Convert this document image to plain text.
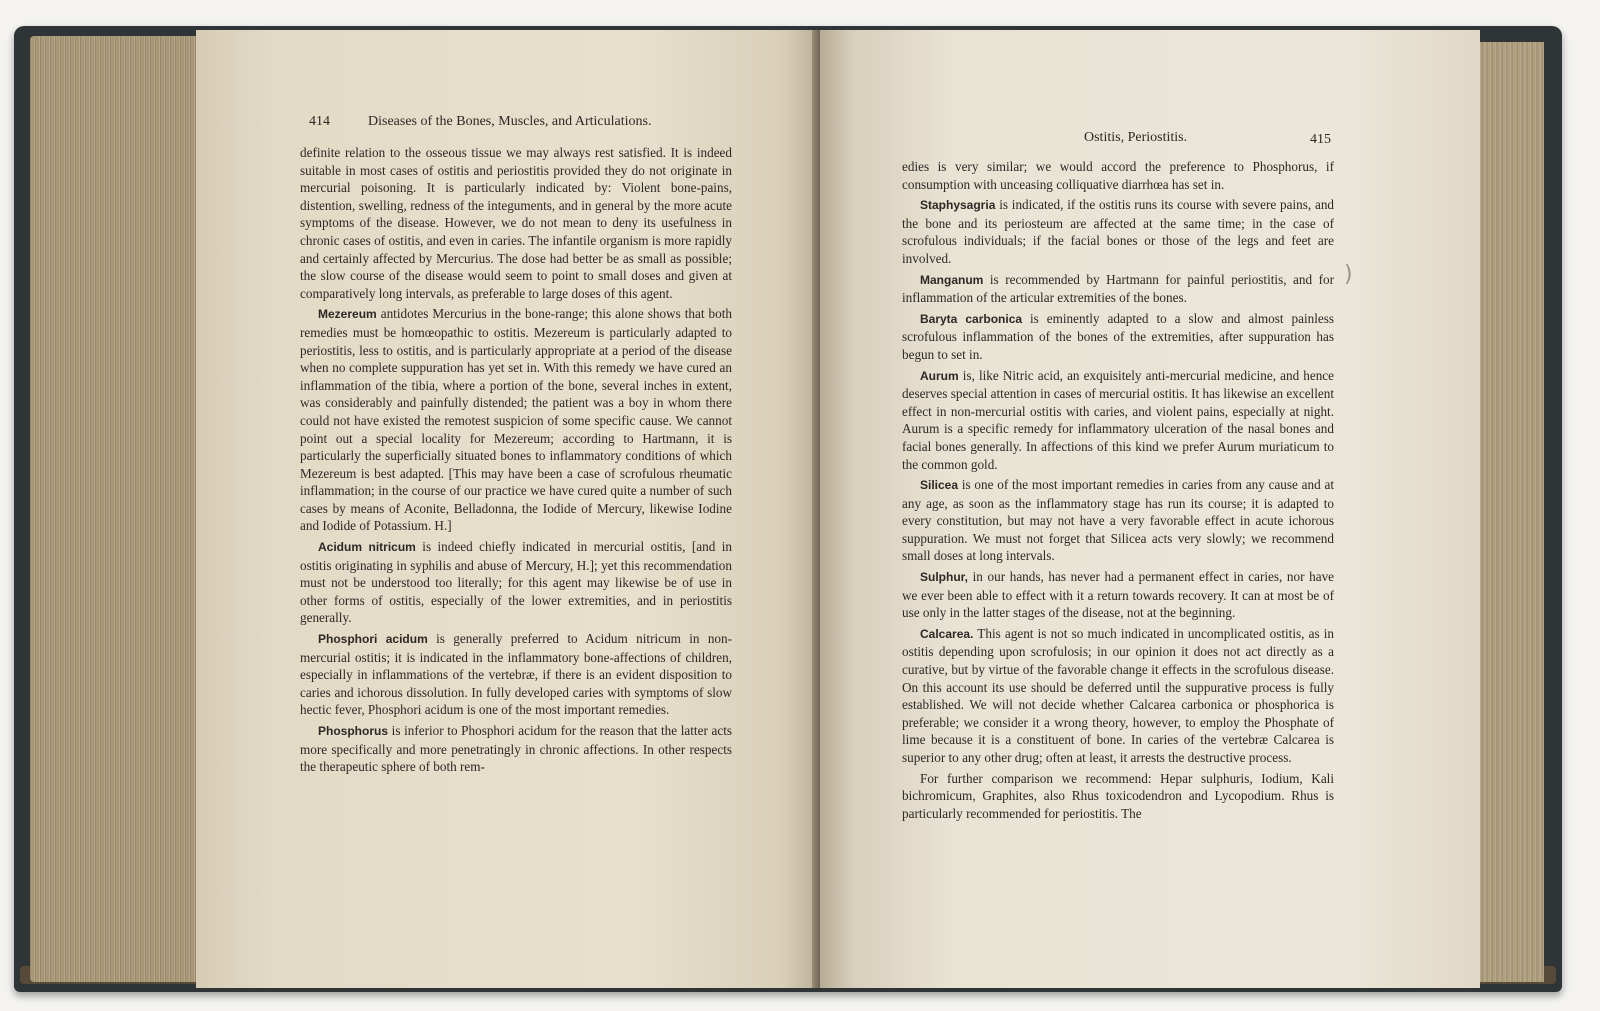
414	Diseases of the Bones, Muscles, and Articulations.

definite relation to the osseous tissue we may always rest satisfied. It is indeed suitable in most cases of ostitis and periostitis provided they do not originate in mercurial poisoning. It is particularly indicated by: Violent bone-pains, distention, swelling, redness of the integuments, and in general by the more acute symptoms of the disease. However, we do not mean to deny its usefulness in chronic cases of ostitis, and even in caries. The infantile organism is more rapidly and certainly affected by Mercurius. The dose had better be as small as possible; the slow course of the disease would seem to point to small doses and given at comparatively long intervals, as preferable to large doses of this agent.

Mezereum antidotes Mercurius in the bone-range; this alone shows that both remedies must be homœopathic to ostitis. Mezereum is particularly adapted to periostitis, less to ostitis, and is particularly appropriate at a period of the disease when no complete suppuration has yet set in. With this remedy we have cured an inflammation of the tibia, where a portion of the bone, several inches in extent, was considerably and painfully distended; the patient was a boy in whom there could not have existed the remotest suspicion of some specific cause. We cannot point out a special locality for Mezereum; according to Hartmann, it is particularly the superficially situated bones to inflammatory conditions of which Mezereum is best adapted. [This may have been a case of scrofulous rheumatic inflammation; in the course of our practice we have cured quite a number of such cases by means of Aconite, Belladonna, the Iodide of Mercury, likewise Iodine and Iodide of Potassium. H.]

Acidum nitricum is indeed chiefly indicated in mercurial ostitis, [and in ostitis originating in syphilis and abuse of Mercury, H.]; yet this recommendation must not be understood too literally; for this agent may likewise be of use in other forms of ostitis, especially of the lower extremities, and in periostitis generally.

Phosphori acidum is generally preferred to Acidum nitricum in non-mercurial ostitis; it is indicated in the inflammatory bone-affections of children, especially in inflammations of the vertebræ, if there is an evident disposition to caries and ichorous dissolution. In fully developed caries with symptoms of slow hectic fever, Phosphori acidum is one of the most important remedies.

Phosphorus is inferior to Phosphori acidum for the reason that the latter acts more specifically and more penetratingly in chronic affections. In other respects the therapeutic sphere of both rem-

Ostitis, Periostitis.	415

edies is very similar; we would accord the preference to Phosphorus, if consumption with unceasing colliquative diarrhœa has set in.

Staphysagria is indicated, if the ostitis runs its course with severe pains, and the bone and its periosteum are affected at the same time; in the case of scrofulous individuals; if the facial bones or those of the legs and feet are involved.

Manganum is recommended by Hartmann for painful periostitis, and for inflammation of the articular extremities of the bones.

Baryta carbonica is eminently adapted to a slow and almost painless scrofulous inflammation of the bones of the extremities, after suppuration has begun to set in.

Aurum is, like Nitric acid, an exquisitely anti-mercurial medicine, and hence deserves special attention in cases of mercurial ostitis. It has likewise an excellent effect in non-mercurial ostitis with caries, and violent pains, especially at night. Aurum is a specific remedy for inflammatory ulceration of the nasal bones and facial bones generally. In affections of this kind we prefer Aurum muriaticum to the common gold.

Silicea is one of the most important remedies in caries from any cause and at any age, as soon as the inflammatory stage has run its course; it is adapted to every constitution, but may not have a very favorable effect in acute ichorous suppuration. We must not forget that Silicea acts very slowly; we recommend small doses at long intervals.

Sulphur, in our hands, has never had a permanent effect in caries, nor have we ever been able to effect with it a return towards recovery. It can at most be of use only in the latter stages of the disease, not at the beginning.

Calcarea. This agent is not so much indicated in uncomplicated ostitis, as in ostitis depending upon scrofulosis; in our opinion it does not act directly as a curative, but by virtue of the favorable change it effects in the scrofulous disease. On this account its use should be deferred until the suppurative process is fully established. We will not decide whether Calcarea carbonica or phosphorica is preferable; we consider it a wrong theory, however, to employ the Phosphate of lime because it is a constituent of bone. In caries of the vertebræ Calcarea is superior to any other drug; often at least, it arrests the destructive process.

For further comparison we recommend: Hepar sulphuris, Iodium, Kali bichromicum, Graphites, also Rhus toxicodendron and Lycopodium. Rhus is particularly recommended for periostitis. The

)
